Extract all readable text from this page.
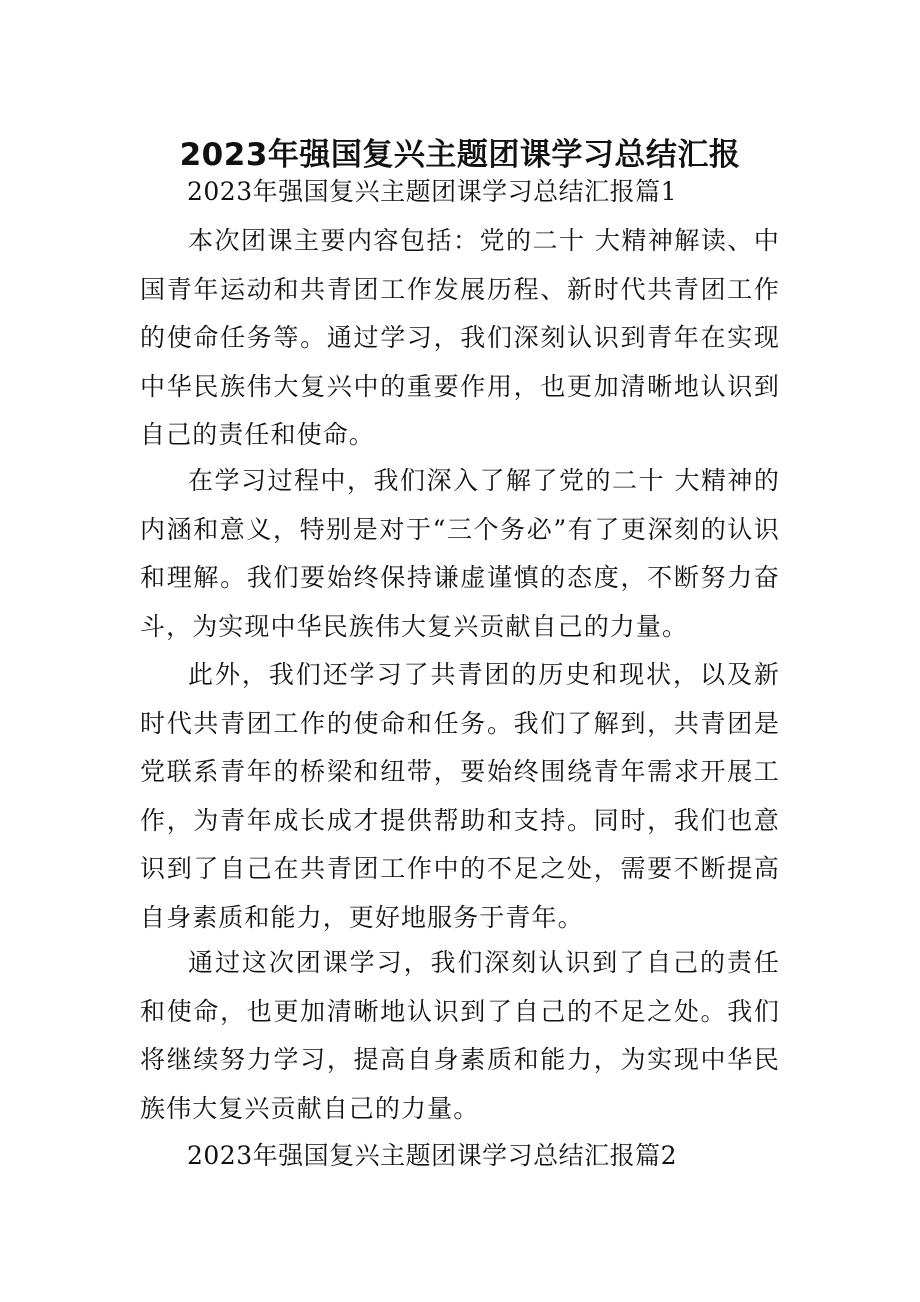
2023年强国复兴主题团课学习总结汇报

2023年强国复兴主题团课学习总结汇报篇1

本次团课主要内容包括：党的二十 大精神解读、中国青年运动和共青团工作发展历程、新时代共青团工作的使命任务等。通过学习，我们深刻认识到青年在实现中华民族伟大复兴中的重要作用，也更加清晰地认识到自己的责任和使命。

在学习过程中，我们深入了解了党的二十 大精神的内涵和意义，特别是对于“三个务必”有了更深刻的认识和理解。我们要始终保持谦虚谨慎的态度，不断努力奋斗，为实现中华民族伟大复兴贡献自己的力量。

此外，我们还学习了共青团的历史和现状，以及新时代共青团工作的使命和任务。我们了解到，共青团是党联系青年的桥梁和纽带，要始终围绕青年需求开展工作，为青年成长成才提供帮助和支持。同时，我们也意识到了自己在共青团工作中的不足之处，需要不断提高自身素质和能力，更好地服务于青年。

通过这次团课学习，我们深刻认识到了自己的责任和使命，也更加清晰地认识到了自己的不足之处。我们将继续努力学习，提高自身素质和能力，为实现中华民族伟大复兴贡献自己的力量。

2023年强国复兴主题团课学习总结汇报篇2
